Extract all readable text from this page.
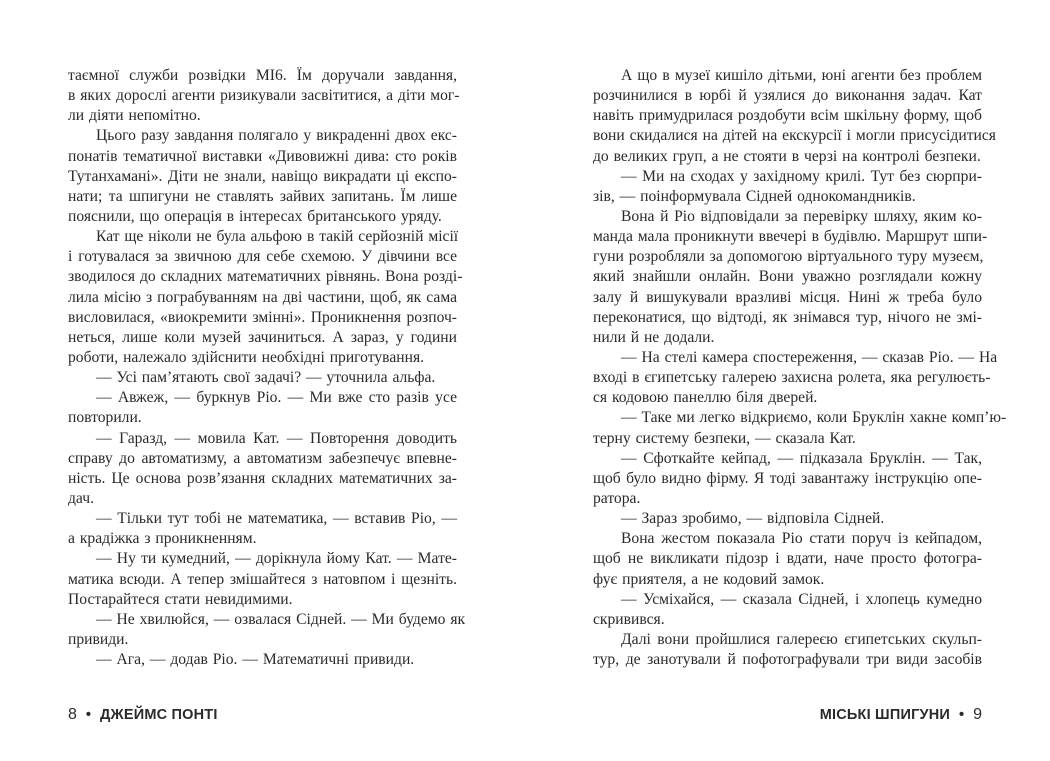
таємної служби розвідки МІ6. Їм доручали завдання,
в яких дорослі агенти ризикували засвітитися, а діти мог-
ли діяти непомітно.
Цього разу завдання полягало у викраденні двох екс-
понатів тематичної виставки «Дивовижні дива: сто років
Тутанхамані». Діти не знали, навіщо викрадати ці експо-
нати; та шпигуни не ставлять зайвих запитань. Їм лише
пояснили, що операція в інтересах британського уряду.
Кат ще ніколи не була альфою в такій серйозній місії
і готувалася за звичною для себе схемою. У дівчини все
зводилося до складних математичних рівнянь. Вона розді-
лила місію з пограбуванням на дві частини, щоб, як сама
висловилася, «виокремити змінні». Проникнення розпоч-
неться, лише коли музей зачиниться. А зараз, у години
роботи, належало здійснити необхідні приготування.
— Усі пам’ятають свої задачі? — уточнила альфа.
— Авжеж, — буркнув Ріо. — Ми вже сто разів усе
повторили.
— Гаразд, — мовила Кат. — Повторення доводить
справу до автоматизму, а автоматизм забезпечує впевне-
ність. Це основа розв’язання складних математичних за-
дач.
— Тільки тут тобі не математика, — вставив Ріо, —
а крадіжка з проникненням.
— Ну ти кумедний, — дорікнула йому Кат. — Мате-
матика всюди. А тепер змішайтеся з натовпом і щезніть.
Постарайтеся стати невидимими.
— Не хвилюйся, — озвалася Сідней. — Ми будемо як
привиди.
— Ага, — додав Ріо. — Математичні привиди.
А що в музеї кишіло дітьми, юні агенти без проблем
розчинилися в юрбі й узялися до виконання задач. Кат
навіть примудрилася роздобути всім шкільну форму, щоб
вони скидалися на дітей на екскурсії і могли присусідитися
до великих груп, а не стояти в черзі на контролі безпеки.
— Ми на сходах у західному крилі. Тут без сюрпри-
зів, — поінформувала Сідней однокомандників.
Вона й Ріо відповідали за перевірку шляху, яким ко-
манда мала проникнути ввечері в будівлю. Маршрут шпи-
гуни розробляли за допомогою віртуального туру музеєм,
який знайшли онлайн. Вони уважно розглядали кожну
залу й вишукували вразливі місця. Нині ж треба було
переконатися, що відтоді, як знімався тур, нічого не змі-
нили й не додали.
— На стелі камера спостереження, — сказав Ріо. — На
вході в єгипетську галерею захисна ролета, яка регулюєть-
ся кодовою панеллю біля дверей.
— Таке ми легко відкриємо, коли Бруклін хакне комп’ю-
терну систему безпеки, — сказала Кат.
— Сфоткайте кейпад, — підказала Бруклін. — Так,
щоб було видно фірму. Я тоді завантажу інструкцію опе-
ратора.
— Зараз зробимо, — відповіла Сідней.
Вона жестом показала Ріо стати поруч із кейпадом,
щоб не викликати підозр і вдати, наче просто фотогра-
фує приятеля, а не кодовий замок.
— Усміхайся, — сказала Сідней, і хлопець кумедно
скривився.
Далі вони пройшлися галереєю єгипетських скульп-
тур, де занотували й пофотографували три види засобів
8 • ДЖЕЙМС ПОНТІ	МІСЬКІ ШПИГУНИ • 9
